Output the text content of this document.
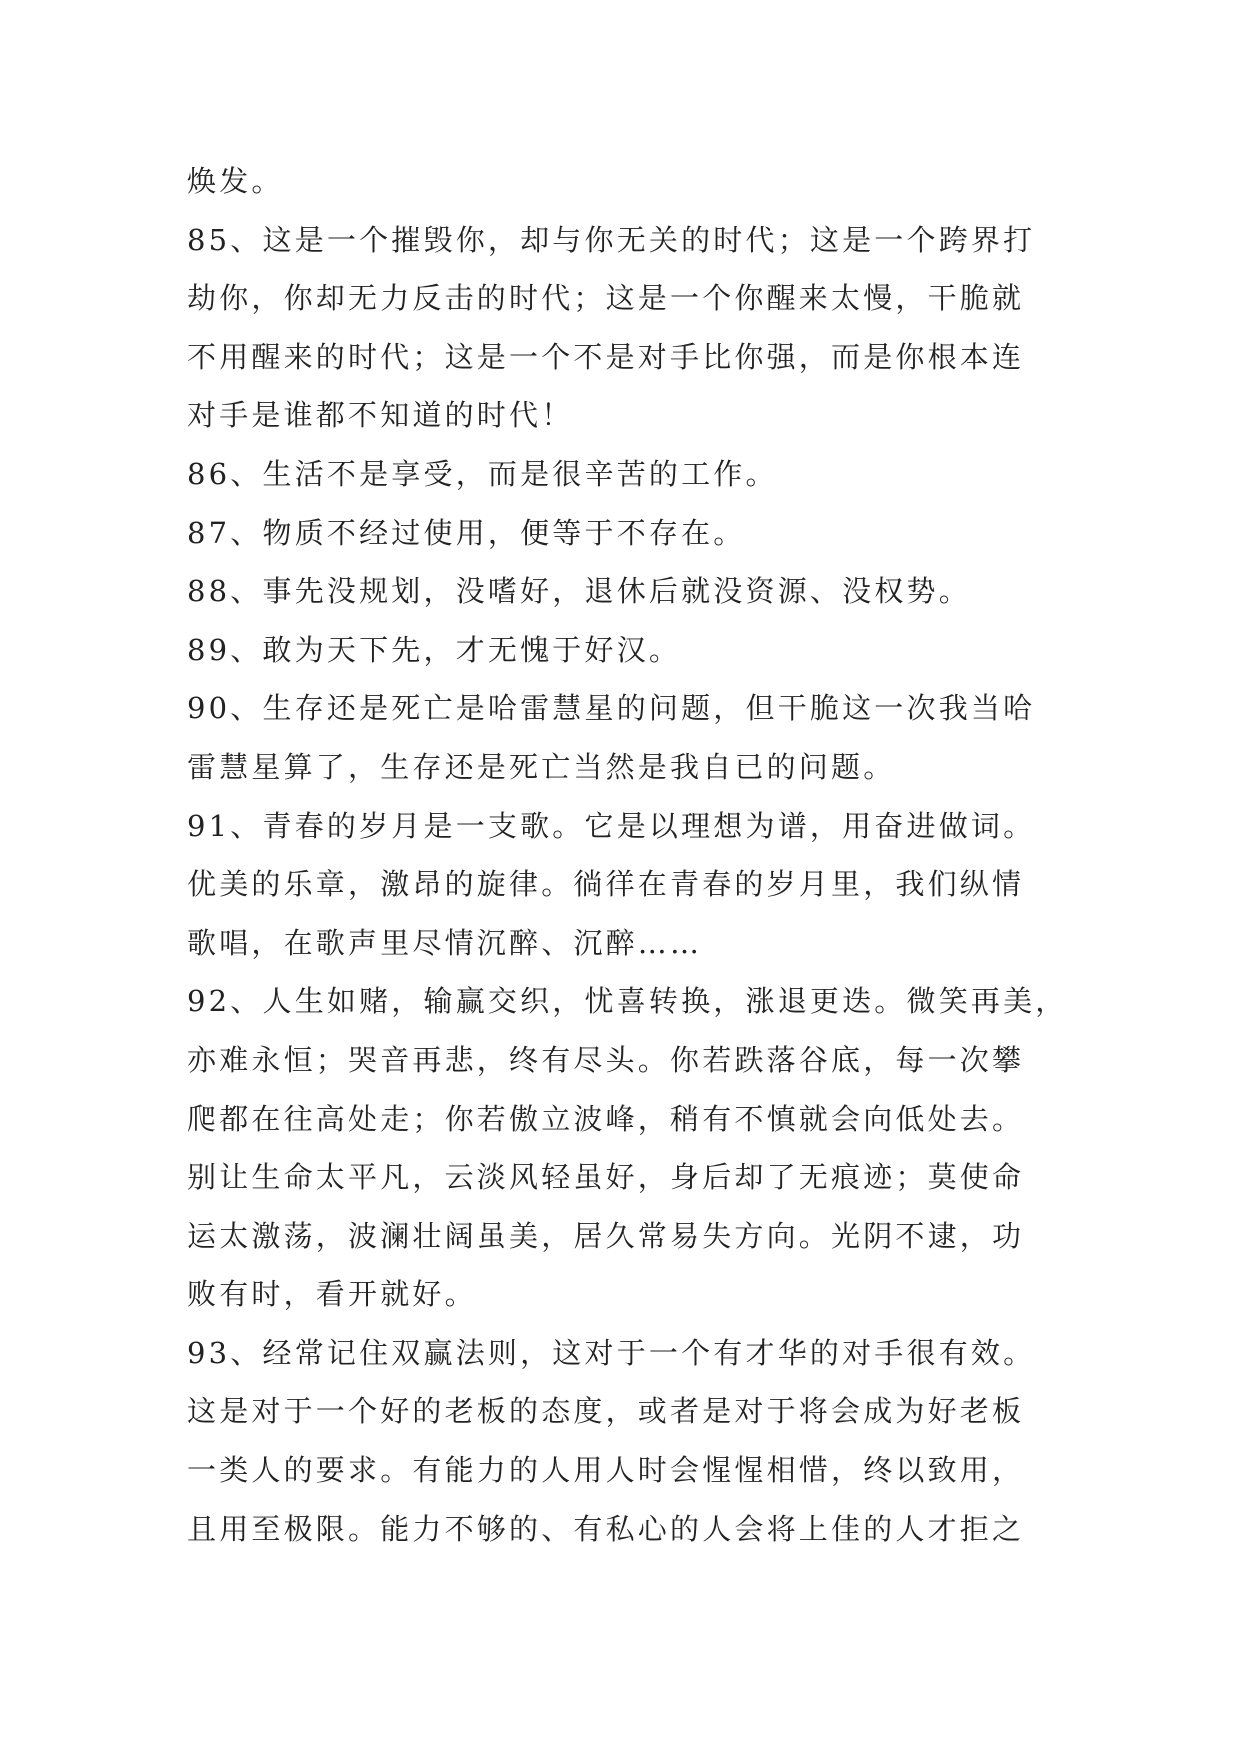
焕发。
85、这是一个摧毁你，却与你无关的时代；这是一个跨界打
劫你，你却无力反击的时代；这是一个你醒来太慢，干脆就
不用醒来的时代；这是一个不是对手比你强，而是你根本连
对手是谁都不知道的时代！
86、生活不是享受，而是很辛苦的工作。
87、物质不经过使用，便等于不存在。
88、事先没规划，没嗜好，退休后就没资源、没权势。
89、敢为天下先，才无愧于好汉。
90、生存还是死亡是哈雷慧星的问题，但干脆这一次我当哈
雷慧星算了，生存还是死亡当然是我自已的问题。
91、青春的岁月是一支歌。它是以理想为谱，用奋进做词。
优美的乐章，激昂的旋律。徜徉在青春的岁月里，我们纵情
歌唱，在歌声里尽情沉醉、沉醉……
92、人生如赌，输赢交织，忧喜转换，涨退更迭。微笑再美，
亦难永恒；哭音再悲，终有尽头。你若跌落谷底，每一次攀
爬都在往高处走；你若傲立波峰，稍有不慎就会向低处去。
别让生命太平凡，云淡风轻虽好，身后却了无痕迹；莫使命
运太激荡，波澜壮阔虽美，居久常易失方向。光阴不逮，功
败有时，看开就好。
93、经常记住双赢法则，这对于一个有才华的对手很有效。
这是对于一个好的老板的态度，或者是对于将会成为好老板
一类人的要求。有能力的人用人时会惺惺相惜，终以致用，
且用至极限。能力不够的、有私心的人会将上佳的人才拒之
